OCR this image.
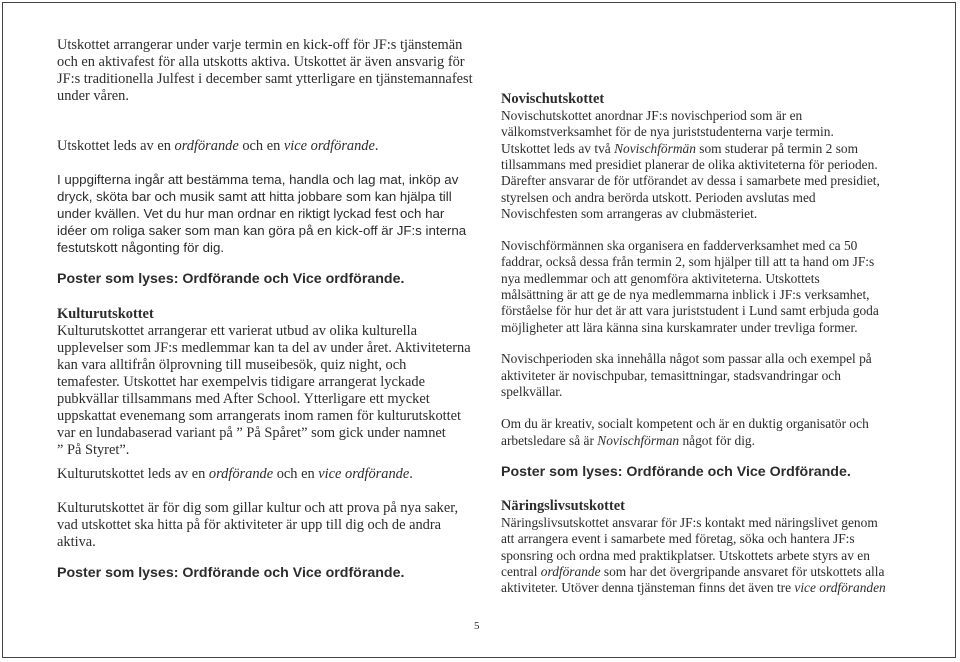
Utskottet arrangerar under varje termin en kick-off för JF:s tjänstemän
och en aktivafest för alla utskotts aktiva. Utskottet är även ansvarig för
JF:s traditionella Julfest i december samt ytterligare en tjänstemannafest
under våren.
Utskottet leds av en ordförande och en vice ordförande.
I uppgifterna ingår att bestämma tema, handla och lag mat, inköp av
dryck, sköta bar och musik samt att hitta jobbare som kan hjälpa till
under kvällen. Vet du hur man ordnar en riktigt lyckad fest och har
idéer om roliga saker som man kan göra på en kick-off är JF:s interna
festutskott någonting för dig.
Poster som lyses: Ordförande och Vice ordförande.
Kulturutskottet
Kulturutskottet arrangerar ett varierat utbud av olika kulturella
upplevelser som JF:s medlemmar kan ta del av under året. Aktiviteterna
kan vara alltifrån ölprovning till museibesök, quiz night, och
temafester. Utskottet har exempelvis tidigare arrangerat lyckade
pubkvällar tillsammans med After School. Ytterligare ett mycket
uppskattat evenemang som arrangerats inom ramen för kulturutskottet
var en lundabaserad variant på ” På Spåret” som gick under namnet
” På Styret”.
Kulturutskottet leds av en ordförande och en vice ordförande.
Kulturutskottet är för dig som gillar kultur och att prova på nya saker,
vad utskottet ska hitta på för aktiviteter är upp till dig och de andra
aktiva.
Poster som lyses: Ordförande och Vice ordförande.
Novischutskottet
Novischutskottet anordnar JF:s novischperiod som är en
välkomstverksamhet för de nya juriststudenterna varje termin.
Utskottet leds av två Novischförmän som studerar på termin 2 som
tillsammans med presidiet planerar de olika aktiviteterna för perioden.
Därefter ansvarar de för utförandet av dessa i samarbete med presidiet,
styrelsen och andra berörda utskott. Perioden avslutas med
Novischfesten som arrangeras av clubmästeriet.
Novischförmännen ska organisera en fadderverksamhet med ca 50
faddrar, också dessa från termin 2, som hjälper till att ta hand om JF:s
nya medlemmar och att genomföra aktiviteterna. Utskottets
målsättning är att ge de nya medlemmarna inblick i JF:s verksamhet,
förståelse för hur det är att vara juriststudent i Lund samt erbjuda goda
möjligheter att lära känna sina kurskamrater under trevliga former.
Novischperioden ska innehålla något som passar alla och exempel på
aktiviteter är novischpubar, temasittningar, stadsvandringar och
spelkvällar.
Om du är kreativ, socialt kompetent och är en duktig organisatör och
arbetsledare så är Novischförman något för dig.
Poster som lyses: Ordförande och Vice Ordförande.
Näringslivsutskottet
Näringslivsutskottet ansvarar för JF:s kontakt med näringslivet genom
att arrangera event i samarbete med företag, söka och hantera JF:s
sponsring och ordna med praktikplatser. Utskottets arbete styrs av en
central ordförande som har det övergripande ansvaret för utskottets alla
aktiviteter. Utöver denna tjänsteman finns det även tre vice ordföranden
5
